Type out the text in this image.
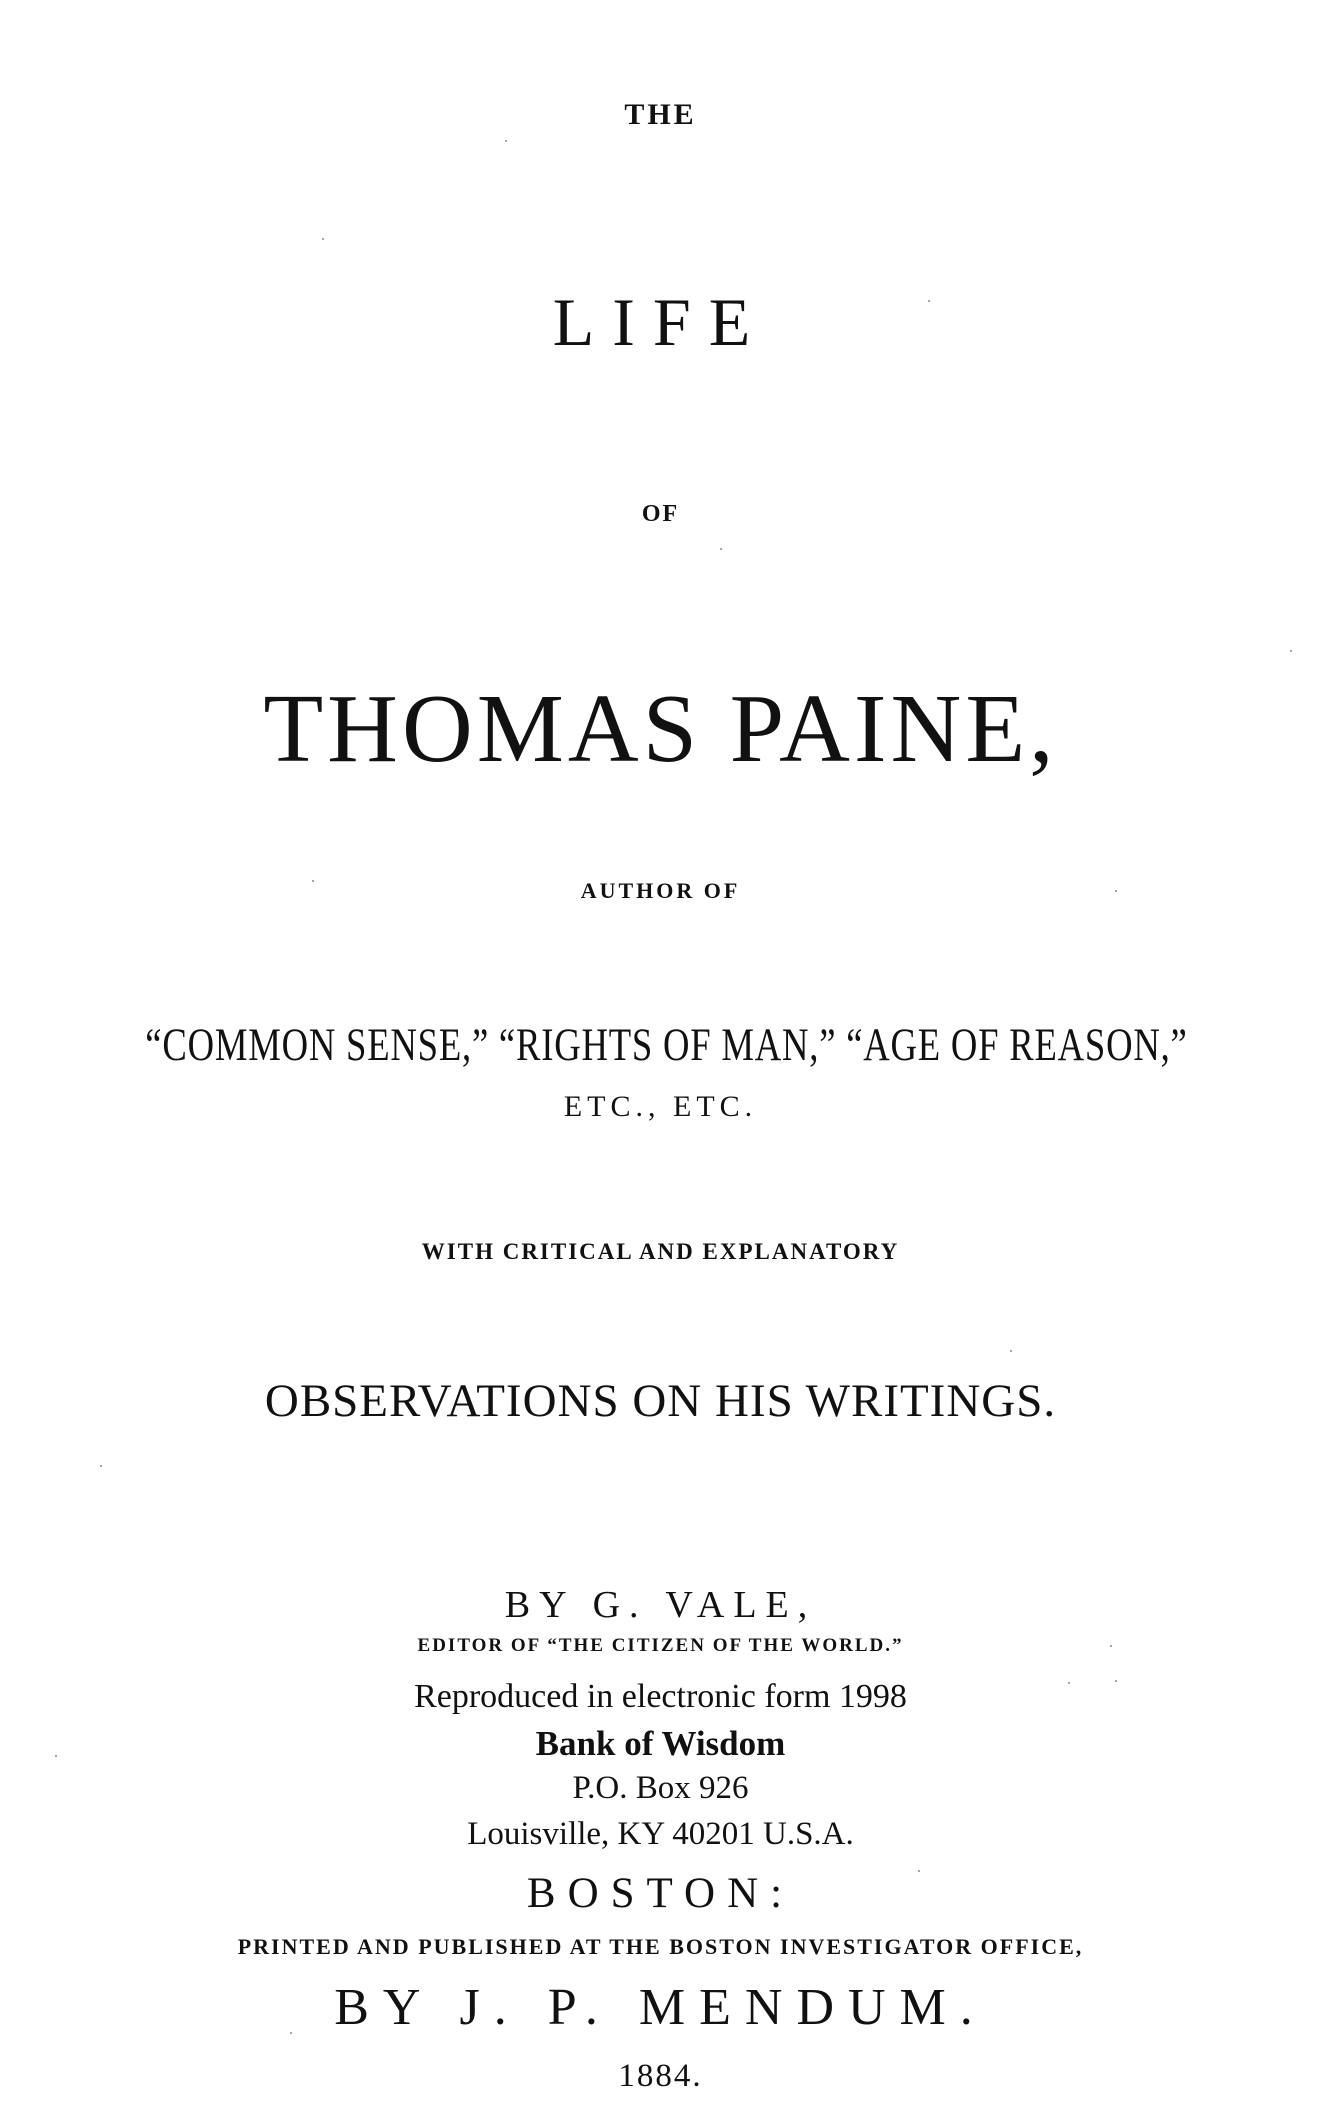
THE
LIFE
OF
THOMAS PAINE,
AUTHOR OF
“COMMON SENSE,” “RIGHTS OF MAN,” “AGE OF REASON,”
ETC., ETC.
WITH CRITICAL AND EXPLANATORY
OBSERVATIONS ON HIS WRITINGS.
BY G. VALE,
EDITOR OF “THE CITIZEN OF THE WORLD.”
Reproduced in electronic form 1998
Bank of Wisdom
P.O. Box 926
Louisville, KY 40201 U.S.A.
BOSTON:
PRINTED AND PUBLISHED AT THE BOSTON INVESTIGATOR OFFICE,
BY J. P. MENDUM.
1884.
